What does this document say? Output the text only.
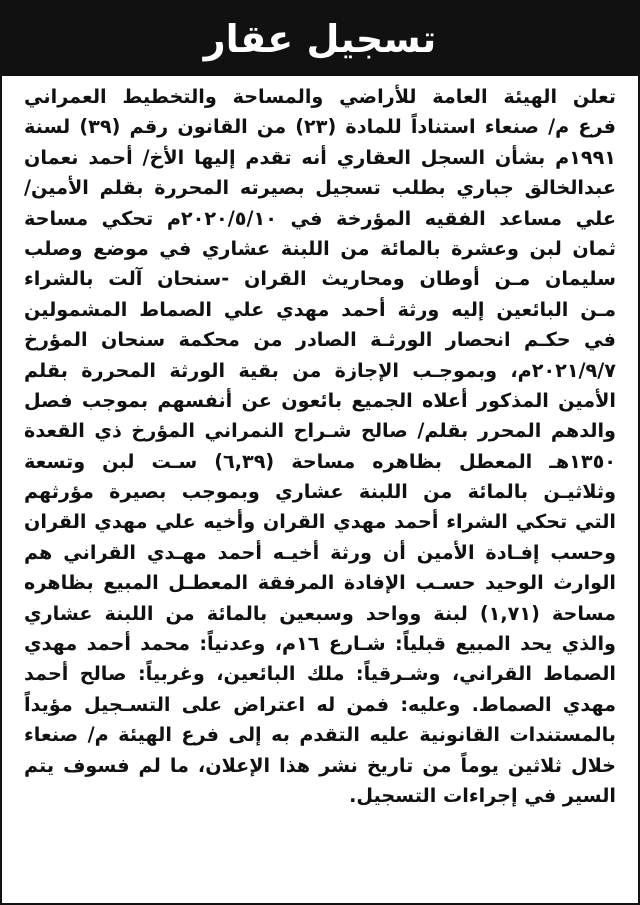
تسجيل عقار
تعلن الهيئة العامة للأراضي والمساحة والتخطيط العمراني
فرع م/ صنعاء استناداً للمادة (٢٣) من القانون رقم (٣٩) لسنة
١٩٩١م بشأن السجل العقاري أنه تقدم إليها الأخ/ أحمد نعمان
عبدالخالق جباري بطلب تسجيل بصيرته المحررة بقلم الأمين/
علي مساعد الفقيه المؤرخة في ٢٠٢٠/٥/١٠م تحكي مساحة
ثمان لبن وعشرة بالمائة من اللبنة عشاري في موضع وصلب
سليمان مـن أوطان ومحاريث القران -سنحان آلت بالشراء
مـن البائعين إليه ورثة أحمد مهدي علي الصماط المشمولين
في حكـم انحصار الورثـة الصادر من محكمة سنحان المؤرخ
٢٠٢١/٩/٧م، وبموجـب الإجازة من بقية الورثة المحررة بقلم
الأمين المذكور أعلاه الجميع بائعون عن أنفسهم بموجب فصل
والدهم المحرر بقلم/ صالح شـراح النمراني المؤرخ ذي القعدة
١٣٥٠هـ المعطل بظاهره مساحة (٦,٣٩) سـت لبن وتسعة
وثلاثيـن بالمائة من اللبنة عشاري وبموجب بصيرة مؤرثهم
التي تحكي الشراء أحمد مهدي القران وأخيه علي مهدي القران
وحسب إفـادة الأمين أن ورثة أخيـه أحمد مهـدي القراني هم
الوارث الوحيد حسـب الإفادة المرفقة المعطـل المبيع بظاهره
مساحة (١,٧١) لبنة وواحد وسبعين بالمائة من اللبنة عشاري
والذي يحد المبيع قبلياً: شـارع ١٦م، وعدنياً: محمد أحمد مهدي
الصماط القراني، وشـرقياً: ملك البائعين، وغربياً: صالح أحمد
مهدي الصماط. وعليه: فمن له اعتراض على التسـجيل مؤيداً
بالمستندات القانونية عليه التقدم به إلى فرع الهيئة م/ صنعاء
خلال ثلاثين يوماً من تاريخ نشر هذا الإعلان، ما لم فسوف يتم
السير في إجراءات التسجيل.
